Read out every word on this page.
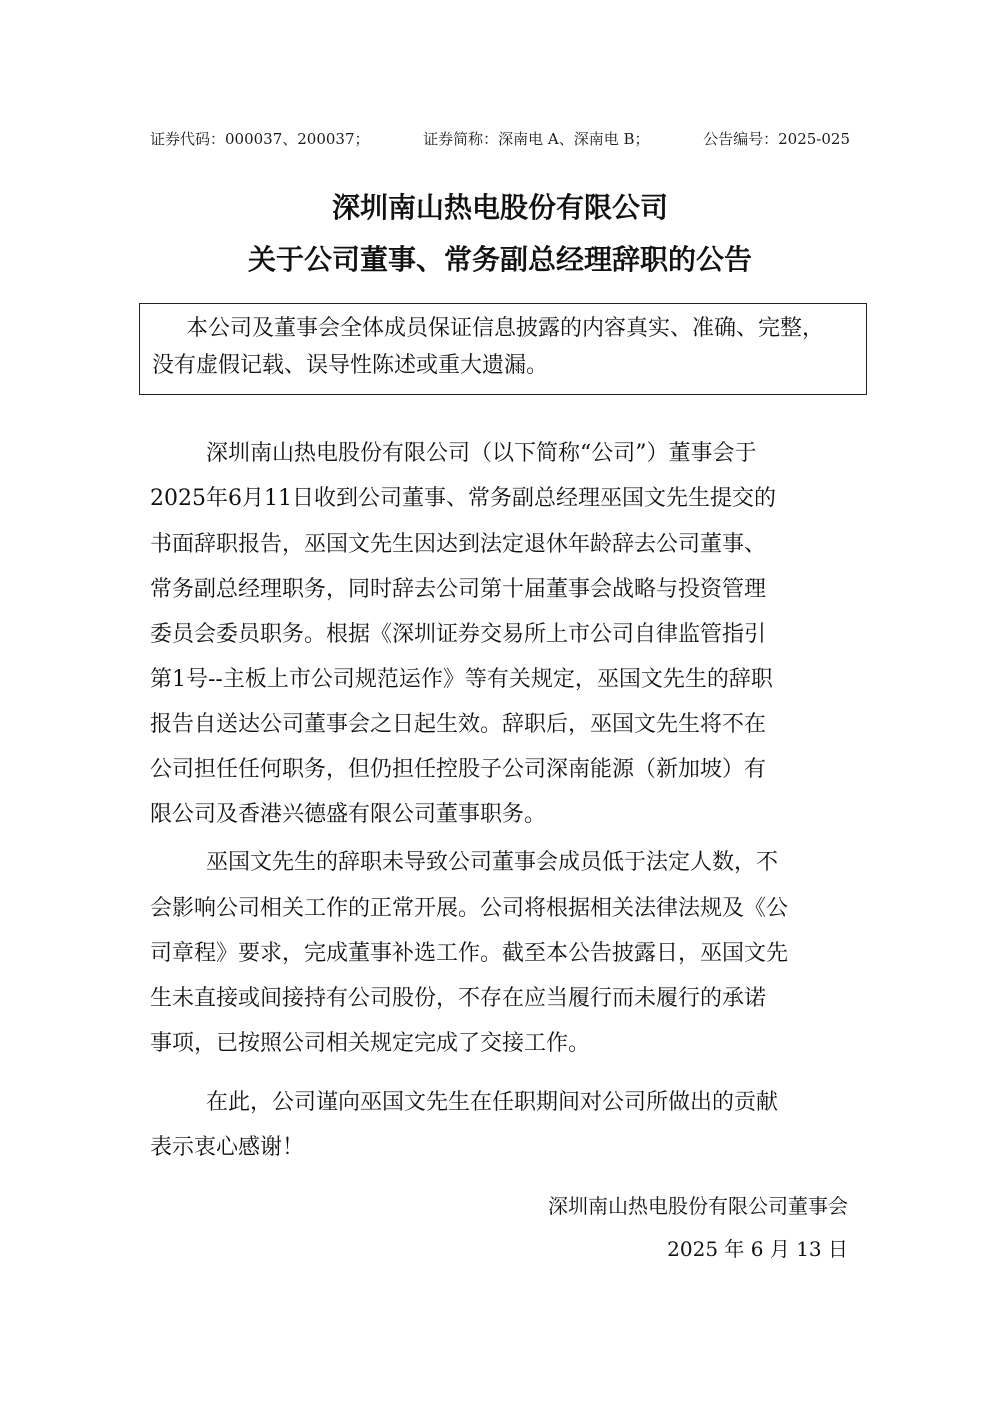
证券代码：000037、200037；	证券简称：深南电 A、深南电 B；	公告编号：2025-025
深圳南山热电股份有限公司
关于公司董事、常务副总经理辞职的公告
本公司及董事会全体成员保证信息披露的内容真实、准确、完整，
没有虚假记载、误导性陈述或重大遗漏。
深圳南山热电股份有限公司（以下简称“公司”）董事会于
2025年6月11日收到公司董事、常务副总经理巫国文先生提交的
书面辞职报告，巫国文先生因达到法定退休年龄辞去公司董事、
常务副总经理职务，同时辞去公司第十届董事会战略与投资管理
委员会委员职务。根据《深圳证券交易所上市公司自律监管指引
第1号--主板上市公司规范运作》等有关规定，巫国文先生的辞职
报告自送达公司董事会之日起生效。辞职后，巫国文先生将不在
公司担任任何职务，但仍担任控股子公司深南能源（新加坡）有
限公司及香港兴德盛有限公司董事职务。
巫国文先生的辞职未导致公司董事会成员低于法定人数，不
会影响公司相关工作的正常开展。公司将根据相关法律法规及《公
司章程》要求，完成董事补选工作。截至本公告披露日，巫国文先
生未直接或间接持有公司股份，不存在应当履行而未履行的承诺
事项，已按照公司相关规定完成了交接工作。
在此，公司谨向巫国文先生在任职期间对公司所做出的贡献
表示衷心感谢！
深圳南山热电股份有限公司董事会
2025 年 6 月 13 日
